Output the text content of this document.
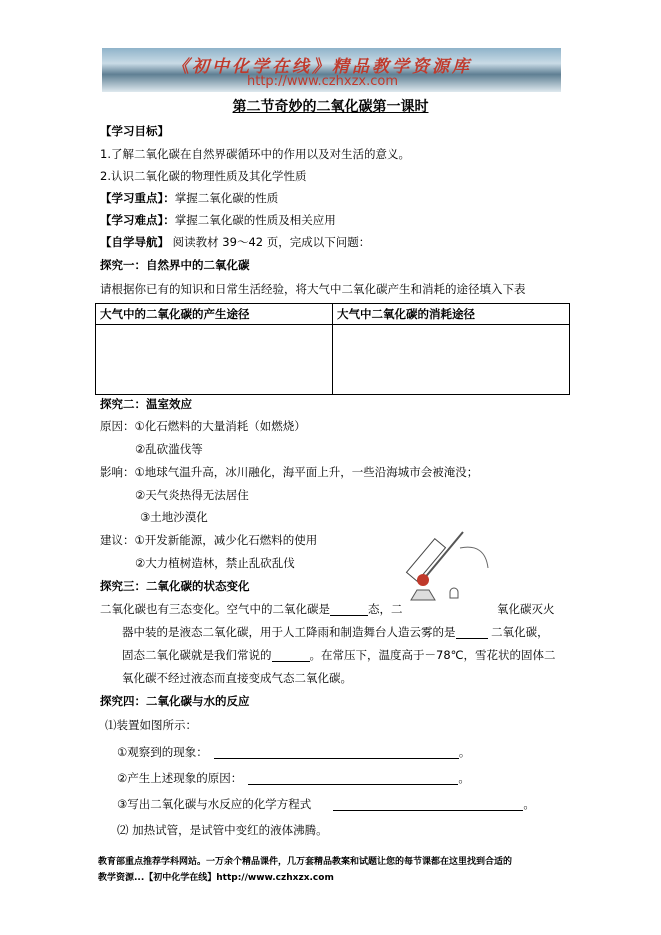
《初中化学在线》精品教学资源库
http://www.czhxzx.com
第二节奇妙的二氧化碳第一课时
【学习目标】
1.了解二氧化碳在自然界碳循环中的作用以及对生活的意义。
2.认识二氧化碳的物理性质及其化学性质
【学习重点】：掌握二氧化碳的性质
【学习难点】：掌握二氧化碳的性质及相关应用
【自学导航】 阅读教材 39～42 页，完成以下问题：
探究一：自然界中的二氧化碳
请根据你已有的知识和日常生活经验，将大气中二氧化碳产生和消耗的途径填入下表
大气中的二氧化碳的产生途径	大气中二氧化碳的消耗途径

探究二：温室效应
原因：①化石燃料的大量消耗（如燃烧）
②乱砍滥伐等
影响：①地球气温升高，冰川融化，海平面上升，一些沿海城市会被淹没；
②天气炎热得无法居住
③土地沙漠化
建议：①开发新能源，减少化石燃料的使用
②大力植树造林，禁止乱砍乱伐
探究三：二氧化碳的状态变化
二氧化碳也有三态变化。空气中的二氧化碳是	态，二	氧化碳灭火
器中装的是液态二氧化碳，用于人工降雨和制造舞台人造云雾的是	二氧化碳，
固态二氧化碳就是我们常说的	。在常压下，温度高于－78℃，雪花状的固体二
氧化碳不经过液态而直接变成气态二氧化碳。
探究四：二氧化碳与水的反应
⑴装置如图所示：
①观察到的现象：	。
②产生上述现象的原因：	。
③写出二氧化碳与水反应的化学方程式	。
⑵ 加热试管，是试管中变红的液体沸腾。
教育部重点推荐学科网站。一万余个精品课件，几万套精品教案和试题让您的每节课都在这里找到合适的
教学资源...【初中化学在线】http://www.czhxzx.com
